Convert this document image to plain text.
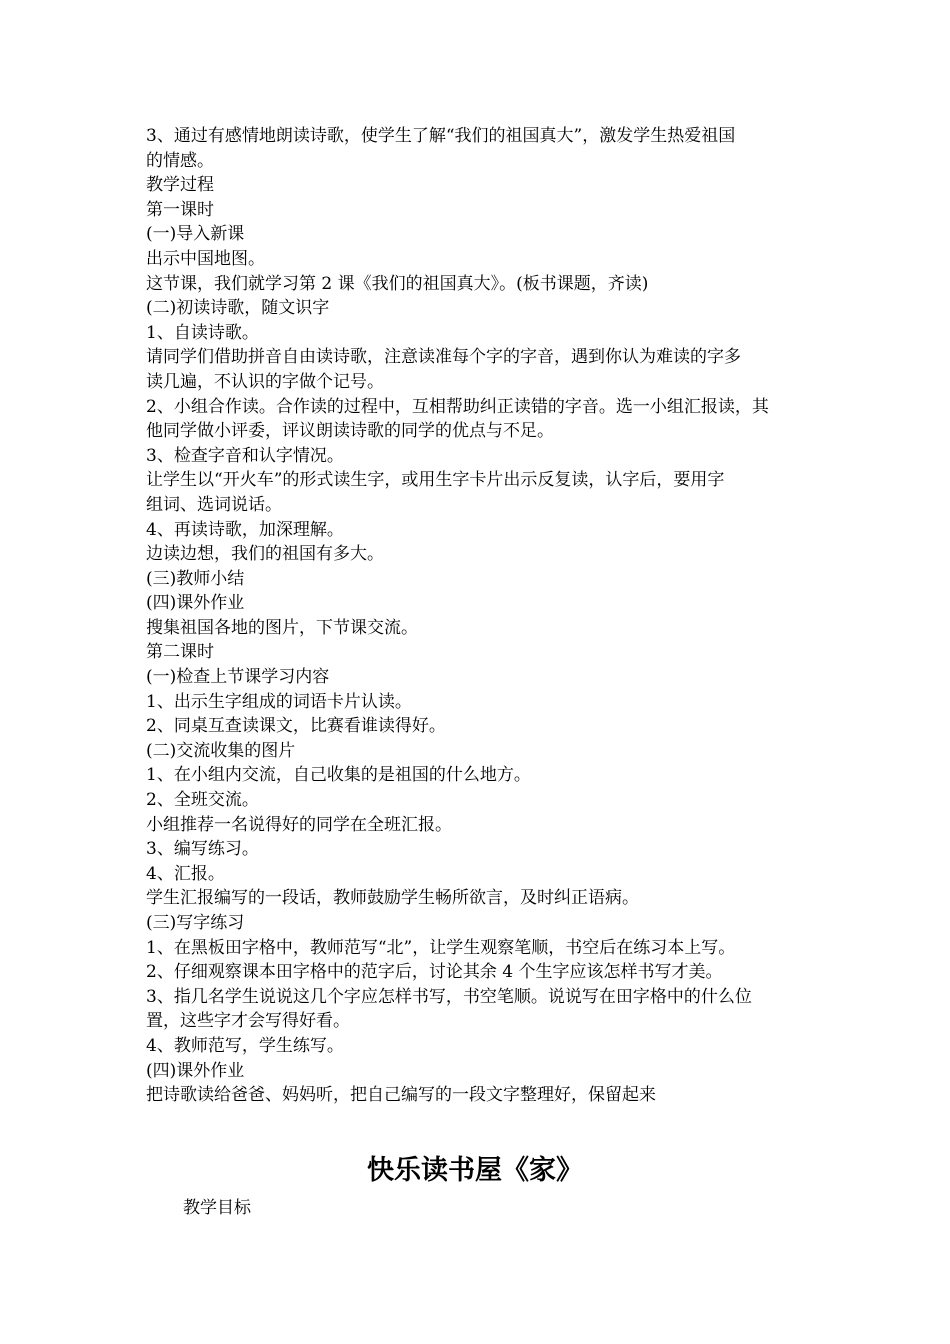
3、通过有感情地朗读诗歌，使学生了解“我们的祖国真大”，激发学生热爱祖国
的情感。
教学过程
第一课时
(一)导入新课
出示中国地图。
这节课，我们就学习第 2 课《我们的祖国真大》。(板书课题，齐读)
(二)初读诗歌，随文识字
1、自读诗歌。
请同学们借助拼音自由读诗歌，注意读准每个字的字音，遇到你认为难读的字多
读几遍，不认识的字做个记号。
2、小组合作读。合作读的过程中，互相帮助纠正读错的字音。选一小组汇报读，其
他同学做小评委，评议朗读诗歌的同学的优点与不足。
3、检查字音和认字情况。
让学生以“开火车”的形式读生字，或用生字卡片出示反复读，认字后，要用字
组词、选词说话。
4、再读诗歌，加深理解。
边读边想，我们的祖国有多大。
(三)教师小结
(四)课外作业
搜集祖国各地的图片，下节课交流。
第二课时
(一)检查上节课学习内容
1、出示生字组成的词语卡片认读。
2、同桌互查读课文，比赛看谁读得好。
(二)交流收集的图片
1、在小组内交流，自己收集的是祖国的什么地方。
2、全班交流。
小组推荐一名说得好的同学在全班汇报。
3、编写练习。
4、汇报。
学生汇报编写的一段话，教师鼓励学生畅所欲言，及时纠正语病。
(三)写字练习
1、在黑板田字格中，教师范写“北”，让学生观察笔顺，书空后在练习本上写。
2、仔细观察课本田字格中的范字后，讨论其余 4 个生字应该怎样书写才美。
3、指几名学生说说这几个字应怎样书写，书空笔顺。说说写在田字格中的什么位
置，这些字才会写得好看。
4、教师范写，学生练写。
(四)课外作业
把诗歌读给爸爸、妈妈听，把自己编写的一段文字整理好，保留起来
快乐读书屋《家》
教学目标
